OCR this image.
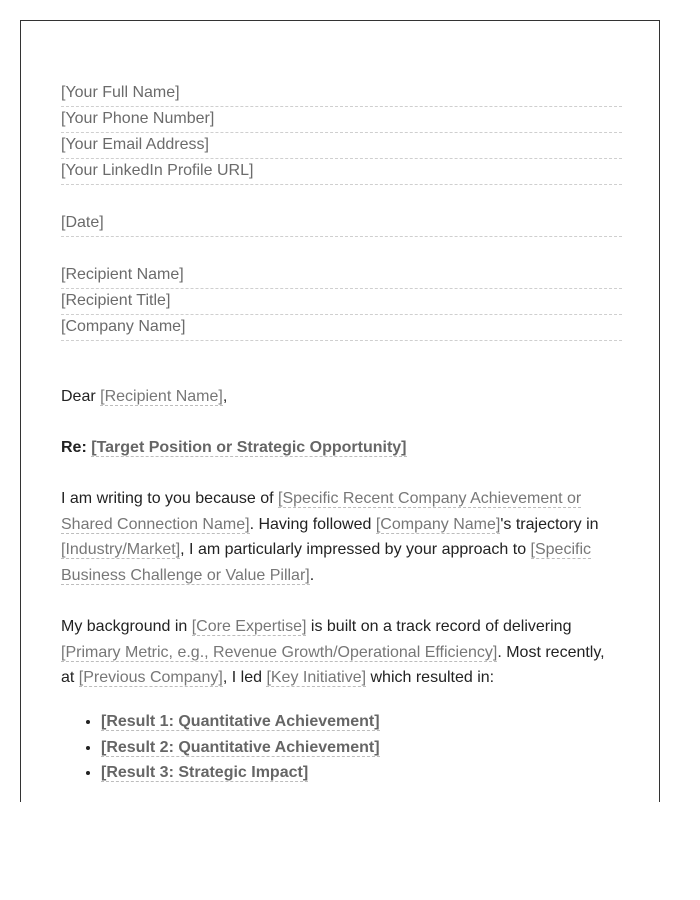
[Your Full Name]
[Your Phone Number]
[Your Email Address]
[Your LinkedIn Profile URL]
[Date]
[Recipient Name]
[Recipient Title]
[Company Name]
Dear [Recipient Name],
Re: [Target Position or Strategic Opportunity]

I am writing to you because of [Specific Recent Company Achievement or Shared Connection Name]. Having followed [Company Name]'s trajectory in [Industry/Market], I am particularly impressed by your approach to [Specific Business Challenge or Value Pillar].

My background in [Core Expertise] is built on a track record of delivering [Primary Metric, e.g., Revenue Growth/Operational Efficiency]. Most recently, at [Previous Company], I led [Key Initiative] which resulted in:

• [Result 1: Quantitative Achievement]
• [Result 2: Quantitative Achievement]
• [Result 3: Strategic Impact]
